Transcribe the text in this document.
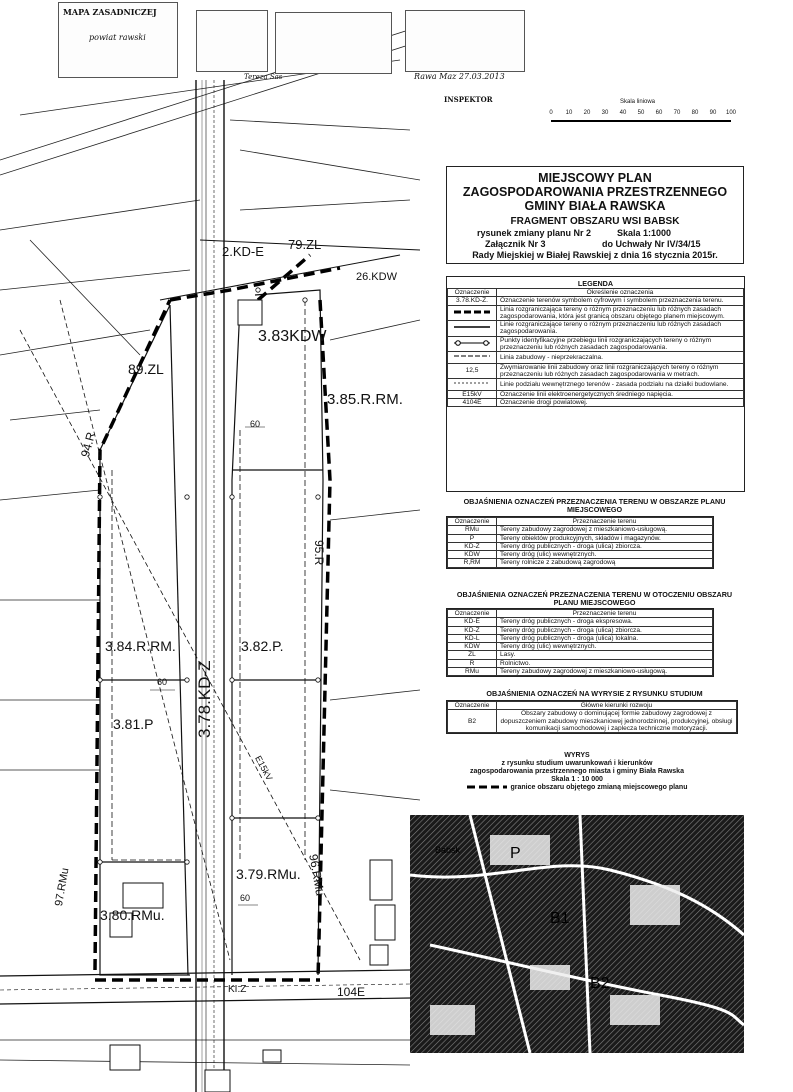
2.KD-E 79.ZL
26.KDW
3.83KDW
89.ZL
3.85.R.RM.
94.R
95.R
3.84.R.RM.	3.82.P.
3.78.KD-Z
3.81.P
3.79.RMu. 96.RMu
97.RMu
3.80.RMu.
104E
KI.Z
E15kV
60
60
60
MAPA ZASADNICZEJ
powiat rawski
Rawa Maz 27.03.2013
INSPEKTOR
Tereza Sas
Skala liniowa
0	10	20	30	40	50	60	70	80	90	100
MIEJSCOWY PLAN
ZAGOSPODAROWANIA PRZESTRZENNEGO
GMINY BIAŁA RAWSKA
FRAGMENT OBSZARU WSI BABSK
rysunek zmiany planu Nr 2	Skala 1:1000
Załącznik Nr 3	do Uchwały Nr IV/34/15
Rady Miejskiej w Białej Rawskiej z dnia 16 stycznia 2015r.
LEGENDA
Oznaczenie	Określenie oznaczenia
3.78.KD-Z.	Oznaczenie terenów symbolem cyfrowym i symbolem przeznaczenia terenu.
	Linia rozgraniczająca tereny o różnym przeznaczeniu lub różnych zasadach zagospodarowania, która jest granicą obszaru objętego planem miejscowym.
	Linie rozgraniczające tereny o różnym przeznaczeniu lub różnych zasadach zagospodarowania.
	Punkty identyfikacyjne przebiegu linii rozgraniczających tereny o różnym przeznaczeniu lub różnych zasadach zagospodarowania.
	Linia zabudowy - nieprzekraczalna.
12,5	Zwymiarowanie linii zabudowy oraz linii rozgraniczających tereny o różnym przeznaczeniu lub różnych zasadach zagospodarowania w metrach.
	Linie podziału wewnętrznego terenów - zasada podziału na działki budowlane.
E15kV	Oznaczenie linii elektroenergetycznych średniego napięcia.
4104E	Oznaczenie drogi powiatowej.
OBJAŚNIENIA OZNACZEŃ PRZEZNACZENIA TERENU W OBSZARZE PLANU MIEJSCOWEGO
Oznaczenie	Przeznaczenie terenu
RMu	Tereny zabudowy zagrodowej z mieszkaniowo-usługową.
P	Tereny obiektów produkcyjnych, składów i magazynów.
KD-Z	Tereny dróg publicznych - droga (ulica) zbiorcza.
KDW	Tereny dróg (ulic) wewnętrznych.
R,RM	Tereny rolnicze z zabudową zagrodową
OBJAŚNIENIA OZNACZEŃ PRZEZNACZENIA TERENU W OTOCZENIU OBSZARU PLANU MIEJSCOWEGO
Oznaczenie	Przeznaczenie terenu
KD-E	Tereny dróg publicznych - droga ekspresowa.
KD-Z	Tereny dróg publicznych - droga (ulica) zbiorcza.
KD-L	Tereny dróg publicznych - droga (ulica) lokalna.
KDW	Tereny dróg (ulic) wewnętrznych.
ZL	Lasy.
R	Rolnictwo.
RMu	Tereny zabudowy zagrodowej z mieszkaniowo-usługową.
OBJAŚNIENIA OZNACZEŃ NA WYRYSIE Z RYSUNKU STUDIUM
Oznaczenie	Główne kierunki rozwoju
B2	Obszary zabudowy o dominującej formie zabudowy zagrodowej z dopuszczeniem zabudowy mieszkaniowej jednorodzinnej, produkcyjnej, obsługi komunikacji samochodowej i zaplecza techniczne motoryzacji.
WYRYS
z rysunku studium uwarunkowań i kierunków
zagospodarowania przestrzennego miasta i gminy Biała Rawska
Skala 1 : 10 000
granice obszaru objętego zmianą miejscowego planu
Babsk
B1
B2
P
